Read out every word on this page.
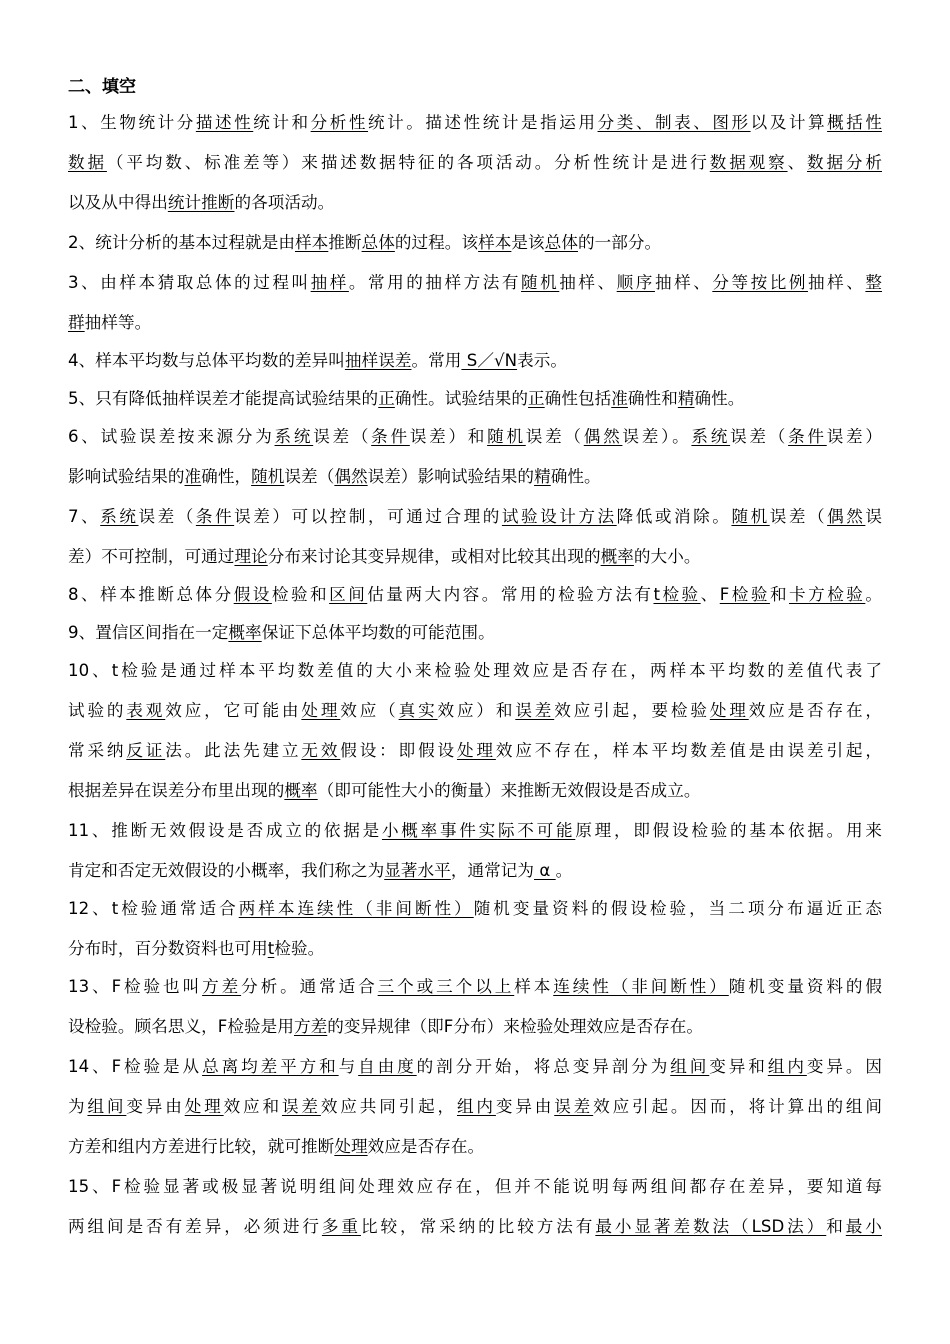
二、填空
1、生物统计分描述性统计和分析性统计。描述性统计是指运用分类、制表、图形以及计算概括性
数据（平均数、标准差等）来描述数据特征的各项活动。分析性统计是进行数据观察、数据分析
以及从中得出统计推断的各项活动。
2、统计分析的基本过程就是由样本推断总体的过程。该样本是该总体的一部分。
3、由样本猜取总体的过程叫抽样。常用的抽样方法有随机抽样、顺序抽样、分等按比例抽样、整
群抽样等。
4、样本平均数与总体平均数的差异叫抽样误差。常用 S／√N表示。
5、只有降低抽样误差才能提高试验结果的正确性。试验结果的正确性包括准确性和精确性。
6、试验误差按来源分为系统误差（条件误差）和随机误差（偶然误差）。系统误差（条件误差）
影响试验结果的准确性，随机误差（偶然误差）影响试验结果的精确性。
7、系统误差（条件误差）可以控制，可通过合理的试验设计方法降低或消除。随机误差（偶然误
差）不可控制，可通过理论分布来讨论其变异规律，或相对比较其出现的概率的大小。
8、样本推断总体分假设检验和区间估量两大内容。常用的检验方法有t检验、F检验和卡方检验。
9、置信区间指在一定概率保证下总体平均数的可能范围。
10、t检验是通过样本平均数差值的大小来检验处理效应是否存在，两样本平均数的差值代表了
试验的表观效应，它可能由处理效应（真实效应）和误差效应引起，要检验处理效应是否存在，
常采纳反证法。此法先建立无效假设：即假设处理效应不存在，样本平均数差值是由误差引起，
根据差异在误差分布里出现的概率（即可能性大小的衡量）来推断无效假设是否成立。
11、推断无效假设是否成立的依据是小概率事件实际不可能原理，即假设检验的基本依据。用来
肯定和否定无效假设的小概率，我们称之为显著水平，通常记为 α 。
12、t检验通常适合两样本连续性（非间断性）随机变量资料的假设检验，当二项分布逼近正态
分布时，百分数资料也可用t检验。
13、F检验也叫方差分析。通常适合三个或三个以上样本连续性（非间断性）随机变量资料的假
设检验。顾名思义，F检验是用方差的变异规律（即F分布）来检验处理效应是否存在。
14、F检验是从总离均差平方和与自由度的剖分开始，将总变异剖分为组间变异和组内变异。因
为组间变异由处理效应和误差效应共同引起，组内变异由误差效应引起。因而，将计算出的组间
方差和组内方差进行比较，就可推断处理效应是否存在。
15、F检验显著或极显著说明组间处理效应存在，但并不能说明每两组间都存在差异，要知道每
两组间是否有差异，必须进行多重比较，常采纳的比较方法有最小显著差数法（LSD法）和最小
